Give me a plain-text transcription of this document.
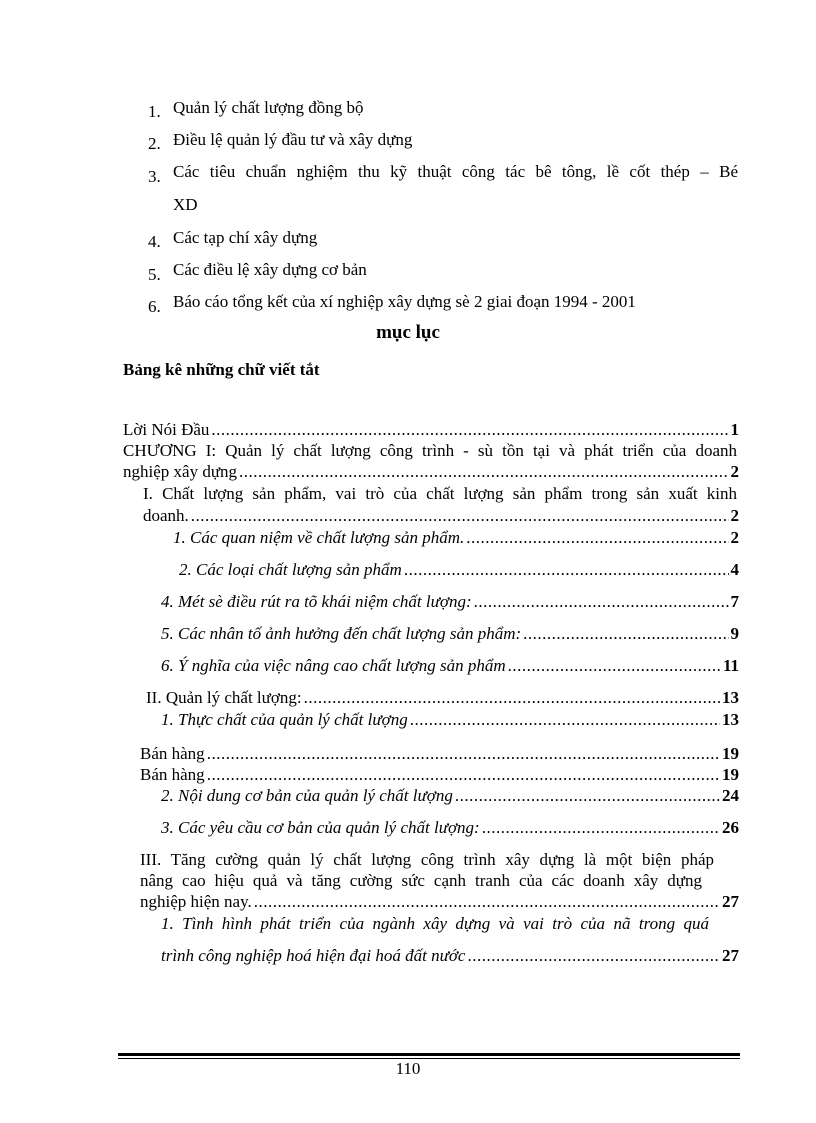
1. Quản lý chất lượng đồng bộ
2. Điều lệ quản lý đầu tư và xây dựng
3. Các tiêu chuẩn nghiệm thu kỹ thuật công tác bê tông, lề cốt thép – Bé
XD
4. Các tạp chí xây dựng
5. Các điều lệ xây dựng cơ bản
6. Báo cáo tổng kết của xí nghiệp xây dựng sè 2 giai đoạn 1994 - 2001
mục lục
Bảng kê những chữ viết tắt
Lời Nói Đầu .....	1
CHƯƠNG I: Quản lý chất lượng công trình - sù tồn tại và phát triển của doanh
nghiệp xây dựng .....	2
I. Chất lượng sản phẩm, vai trò của chất lượng sản phẩm trong sản xuất kinh
doanh. .....	2
1. Các quan niệm về chất lượng sản phẩm. .....	2
2. Các loại chất lượng sản phẩm .....	4
4. Mét sè điều rút ra tõ khái niệm chất lượng: .....	7
5. Các nhân tố ảnh hưởng đến chất lượng sản phẩm: .....	9
6. Ý nghĩa của việc nâng cao chất lượng sản phẩm .....	11
II. Quản lý chất lượng: .....	13
1. Thực chất của quản lý chất lượng .....	13
Bán hàng .....	19
Bán hàng .....	19
2. Nội dung cơ bản của quản lý chất lượng .....	24
3. Các yêu cầu cơ bản của quản lý chất lượng: .....	26
III. Tăng cường quản lý chất lượng công trình xây dựng là một biện pháp
nâng cao hiệu quả và tăng cường sức cạnh tranh của các doanh xây dựng
nghiệp hiện nay. .....	27
1. Tình hình phát triển của ngành xây dựng và vai trò của nã trong quá
trình công nghiệp hoá hiện đại hoá đất nước .....	27
110
